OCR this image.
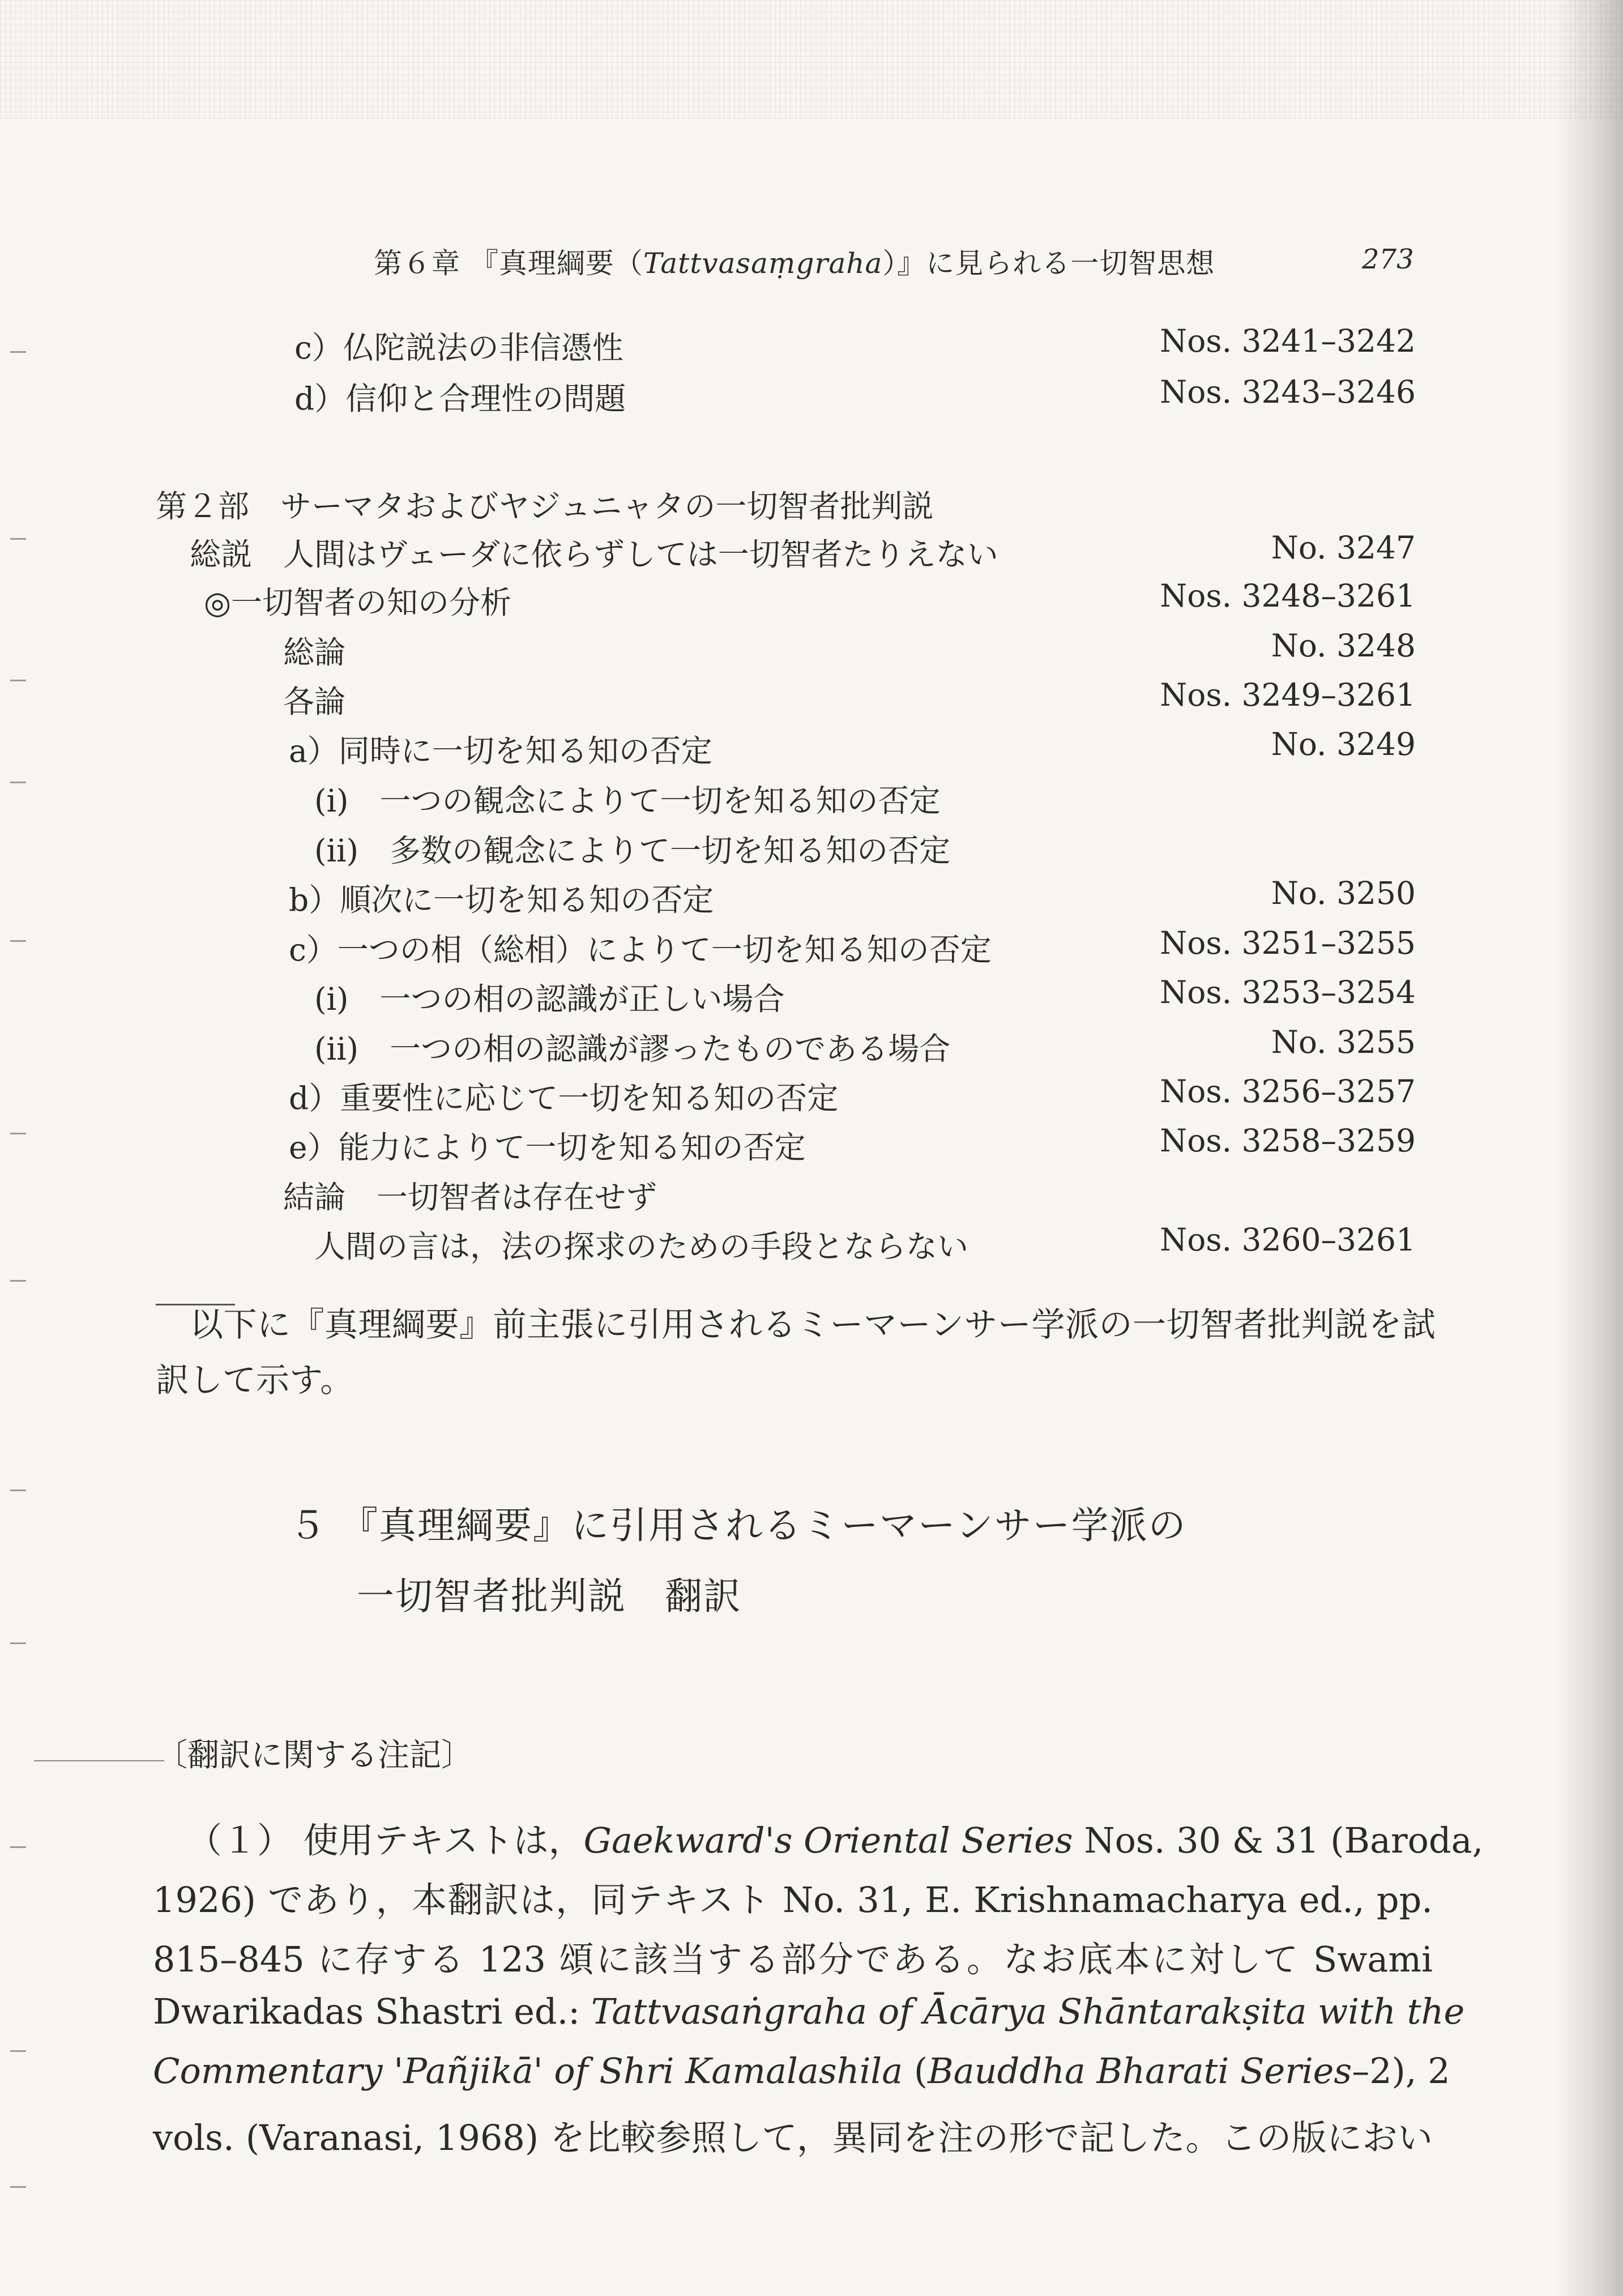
第６章 『真理綱要（Tattvasaṃgraha）』に見られる一切智思想	273
c）仏陀説法の非信憑性	Nos. 3241–3242
d）信仰と合理性の問題	Nos. 3243–3246
第２部　サーマタおよびヤジュニャタの一切智者批判説
総説　人間はヴェーダに依らずしては一切智者たりえない	No. 3247
◎一切智者の知の分析	Nos. 3248–3261
総論	No. 3248
各論	Nos. 3249–3261
a）同時に一切を知る知の否定	No. 3249
(i)　一つの観念によりて一切を知る知の否定
(ii)　多数の観念によりて一切を知る知の否定
b）順次に一切を知る知の否定	No. 3250
c）一つの相（総相）によりて一切を知る知の否定	Nos. 3251–3255
(i)　一つの相の認識が正しい場合	Nos. 3253–3254
(ii)　一つの相の認識が謬ったものである場合	No. 3255
d）重要性に応じて一切を知る知の否定	Nos. 3256–3257
e）能力によりて一切を知る知の否定	Nos. 3258–3259
結論　一切智者は存在せず
人間の言は，法の探求のための手段とならない	Nos. 3260–3261
以下に『真理綱要』前主張に引用されるミーマーンサー学派の一切智者批判説を試訳して示す。
５ 『真理綱要』に引用されるミーマーンサー学派の
一切智者批判説　翻訳
〔翻訳に関する注記〕
（１） 使用テキストは，Gaekward's Oriental Series Nos. 30 & 31 (Baroda,
1926) であり，本翻訳は，同テキスト No. 31, E. Krishnamacharya ed., pp.
815–845 に存する 123 頌に該当する部分である。なお底本に対して Swami
Dwarikadas Shastri ed.: Tattvasaṅgraha of Ācārya Shāntarakṣita with the
Commentary 'Pañjikā' of Shri Kamalashila (Bauddha Bharati Series–2), 2
vols. (Varanasi, 1968) を比較参照して，異同を注の形で記した。この版におい
